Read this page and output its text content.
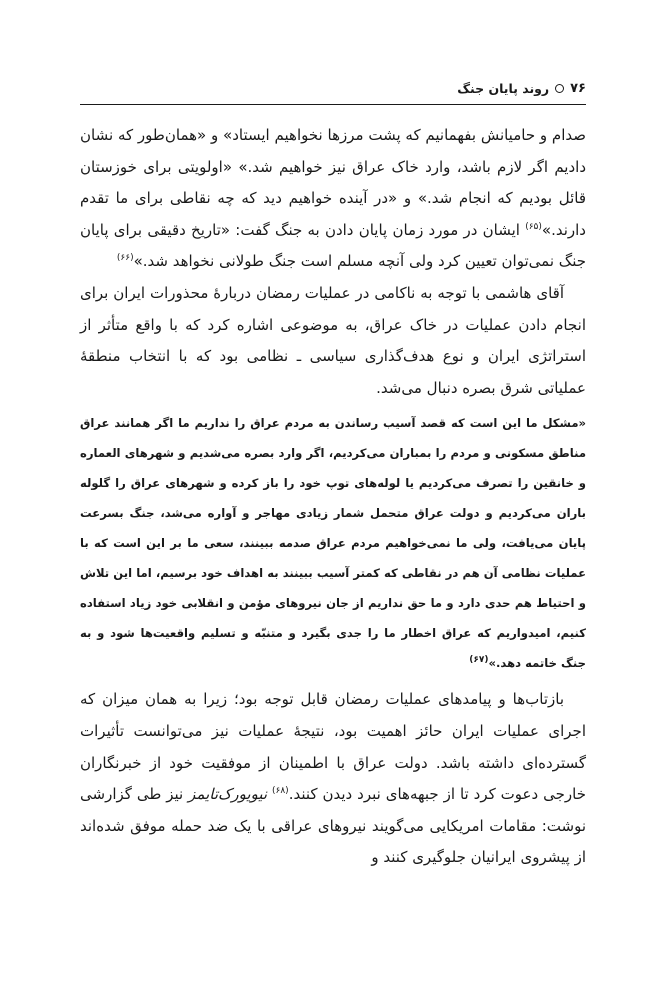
۷۶
روند پایان جنگ

صدام و حامیانش بفهمانیم که پشت مرزها نخواهیم ایستاد» و «همان‌طور که نشان دادیم اگر لازم باشد، وارد خاک عراق نیز خواهیم شد.» «اولویتی برای خوزستان قائل بودیم که انجام شد.» و «در آینده خواهیم دید که چه نقاطی برای ما تقدم دارند.»$^{(۶۵)}$ ایشان در مورد زمان پایان دادن به جنگ گفت: «تاریخ دقیقی برای پایان جنگ نمی‌توان تعیین کرد ولی آنچه مسلم است جنگ طولانی نخواهد شد.»$^{(۶۶)}$

آقای هاشمی با توجه به ناکامی در عملیات رمضان دربارهٔ محذورات ایران برای انجام دادن عملیات در خاک عراق، به موضوعی اشاره کرد که با واقع متأثر از استراتژی ایران و نوع هدف‌گذاری سیاسی ـ نظامی بود که با انتخاب منطقهٔ عملیاتی شرق بصره دنبال می‌شد.

«مشکل ما این است که قصد آسیب رساندن به مردم عراق را نداریم ما اگر همانند عراق مناطق مسکونی و مردم را بمباران می‌کردیم، اگر وارد بصره می‌شدیم و شهرهای العماره و خانقین را تصرف می‌کردیم یا لوله‌های توپ خود را باز کرده و شهرهای عراق را گلوله باران می‌کردیم و دولت عراق متحمل شمار زیادی مهاجر و آواره می‌شد، جنگ بسرعت پایان می‌یافت، ولی ما نمی‌خواهیم مردم عراق صدمه ببینند، سعی ما بر این است که با عملیات نظامی آن هم در نقاطی که کمتر آسیب ببینند به اهداف خود برسیم، اما این تلاش و احتیاط هم حدی دارد و ما حق نداریم از جان نیروهای مؤمن و انقلابی خود زیاد استفاده کنیم، امیدواریم که عراق اخطار ما را جدی بگیرد و متنبّه و تسلیم واقعیت‌ها شود و به جنگ خاتمه دهد.»$^{(۶۷)}$

بازتاب‌ها و پیامدهای عملیات رمضان قابل توجه بود؛ زیرا به همان میزان که اجرای عملیات ایران حائز اهمیت بود، نتیجهٔ عملیات نیز می‌توانست تأثیرات گسترده‌ای داشته باشد. دولت عراق با اطمینان از موفقیت خود از خبرنگاران خارجی دعوت کرد تا از جبهه‌های نبرد دیدن کنند.$^{(۶۸)}$ نیویورک‌تایمز نیز طی گزارشی نوشت: مقامات امریکایی می‌گویند نیروهای عراقی با یک ضد حمله موفق شده‌اند از پیشروی ایرانیان جلوگیری کنند و
